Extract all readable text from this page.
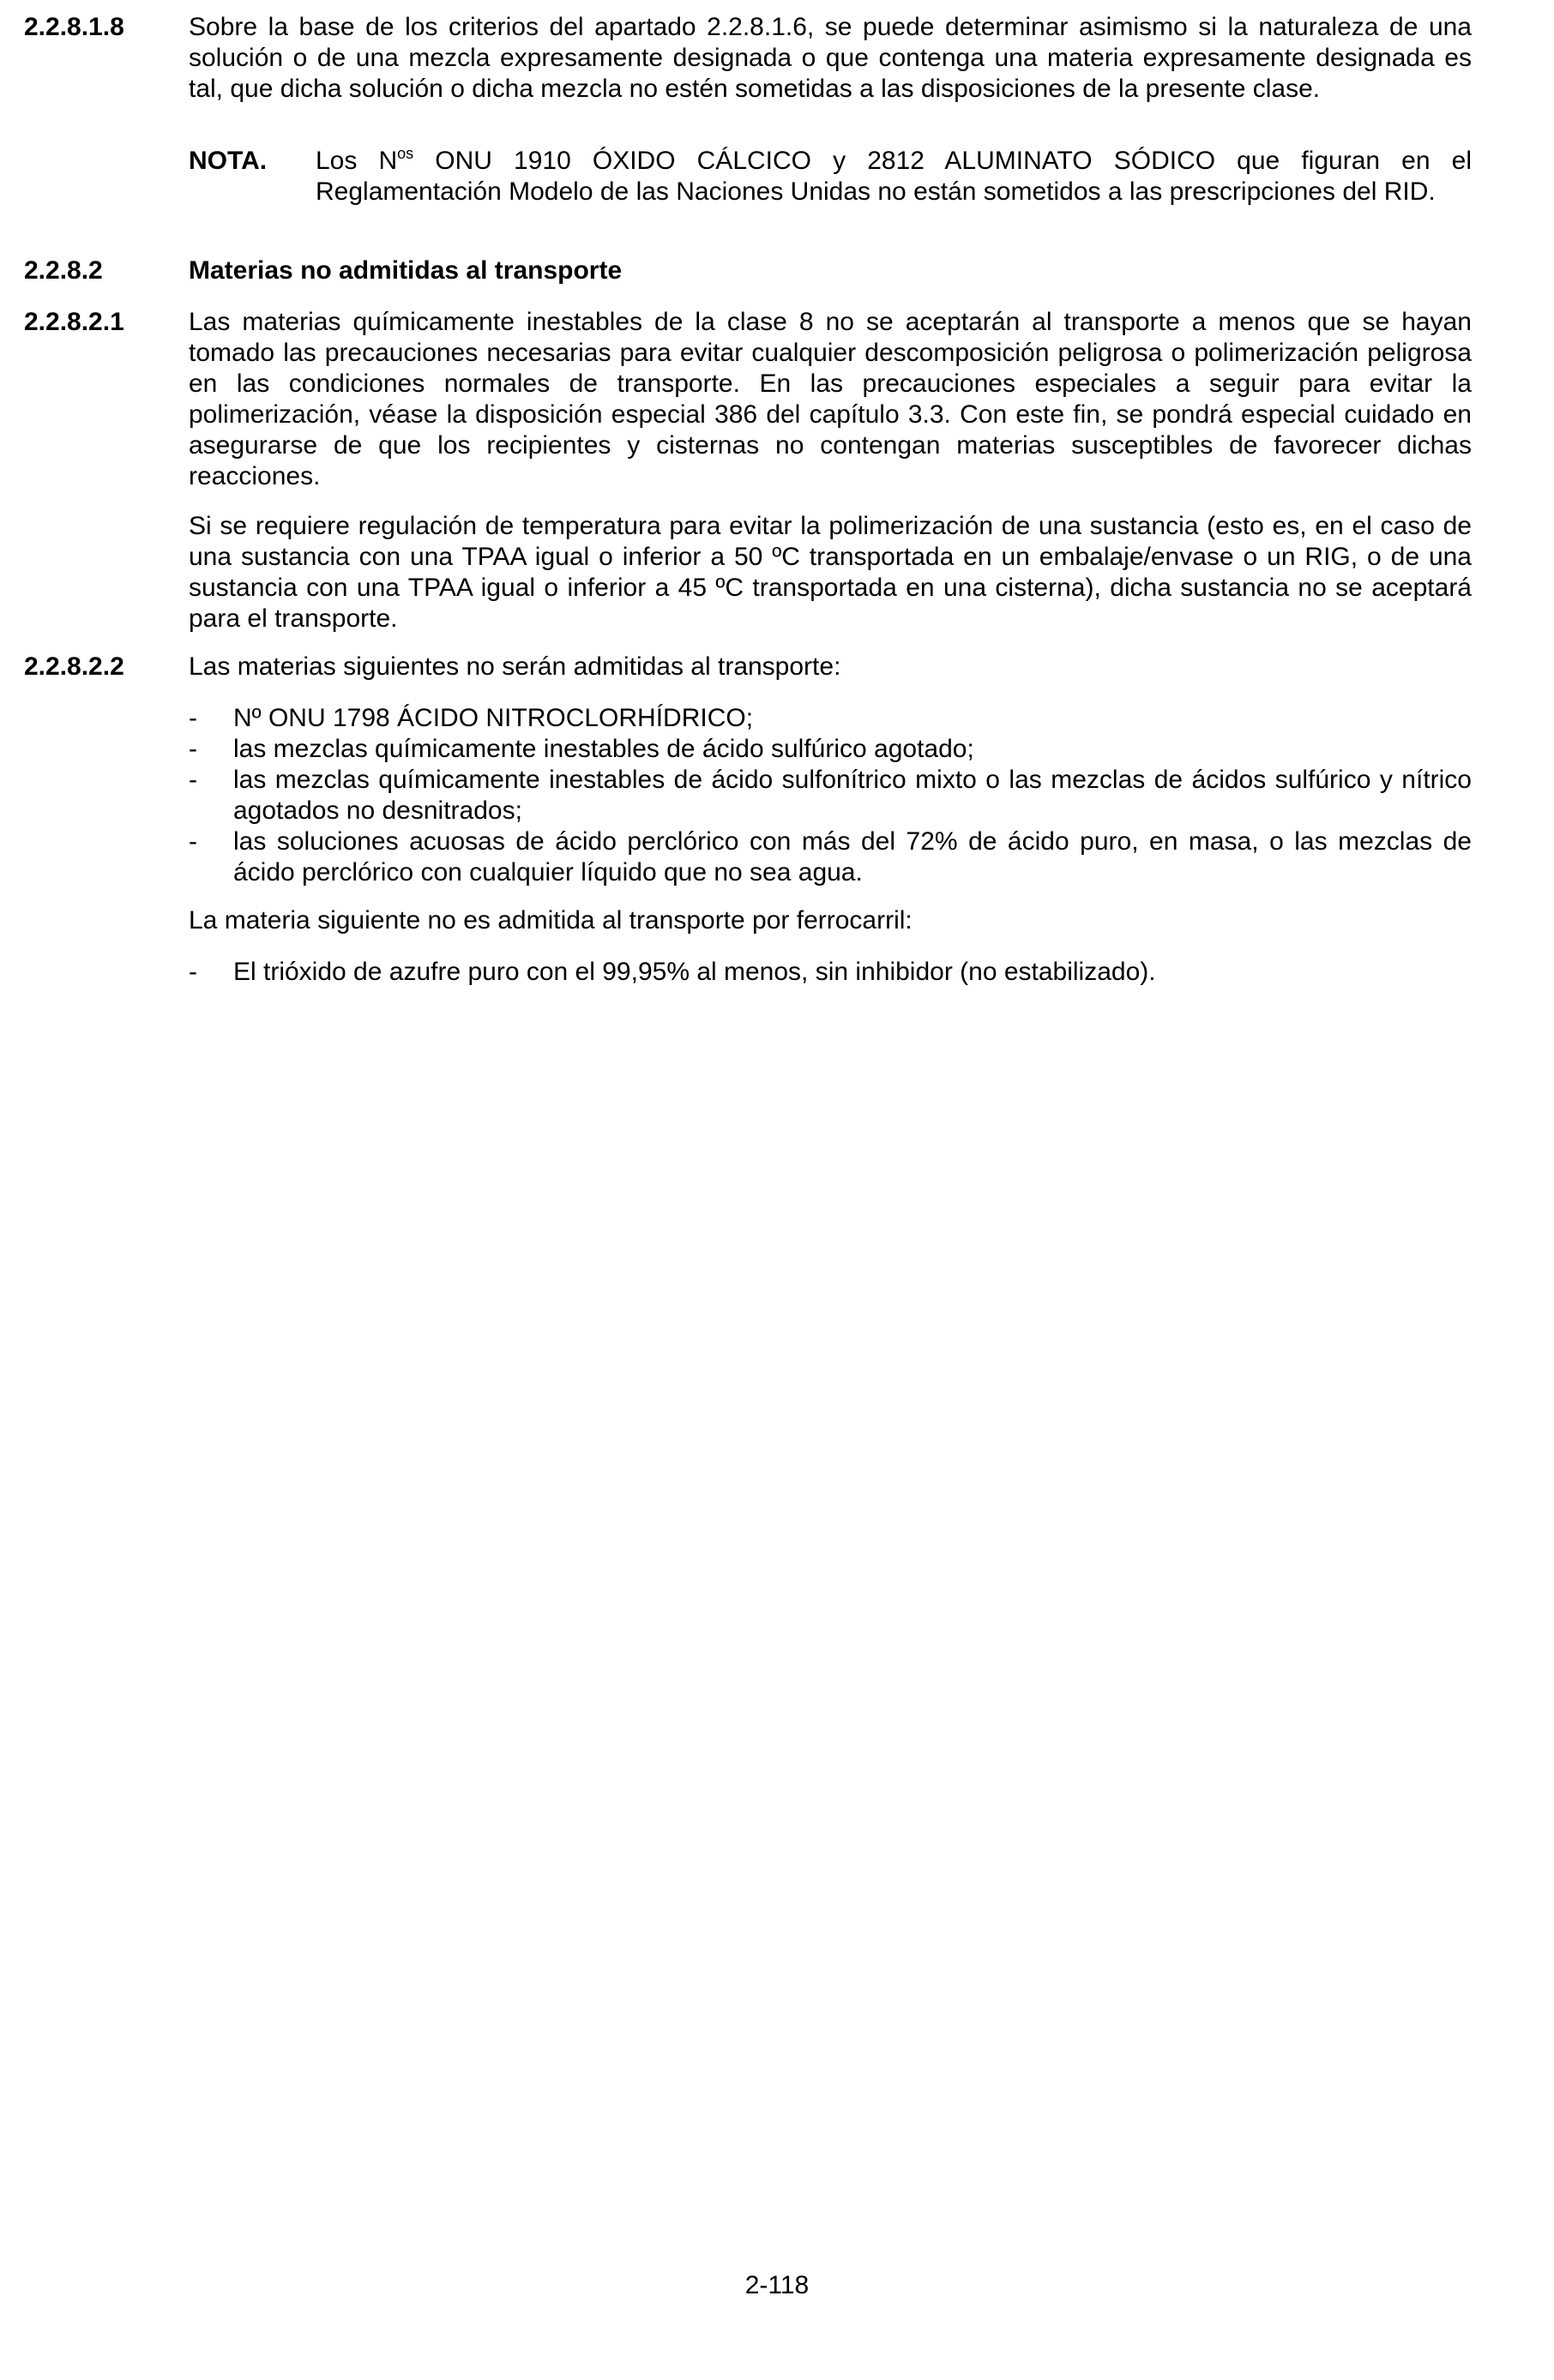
2.2.8.1.8	Sobre la base de los criterios del apartado 2.2.8.1.6, se puede determinar asimismo si la naturaleza de una solución o de una mezcla expresamente designada o que contenga una materia expresamente designada es tal, que dicha solución o dicha mezcla no estén sometidas a las disposiciones de la presente clase.
NOTA. Los $N^{os}$ ONU 1910 ÓXIDO CÁLCICO y 2812 ALUMINATO SÓDICO que figuran en el Reglamentación Modelo de las Naciones Unidas no están sometidos a las prescripciones del RID.
2.2.8.2	Materias no admitidas al transporte
2.2.8.2.1	Las materias químicamente inestables de la clase 8 no se aceptarán al transporte a menos que se hayan tomado las precauciones necesarias para evitar cualquier descomposición peligrosa o polimerización peligrosa en las condiciones normales de transporte. En las precauciones especiales a seguir para evitar la polimerización, véase la disposición especial 386 del capítulo 3.3. Con este fin, se pondrá especial cuidado en asegurarse de que los recipientes y cisternas no contengan materias susceptibles de favorecer dichas reacciones.
Si se requiere regulación de temperatura para evitar la polimerización de una sustancia (esto es, en el caso de una sustancia con una TPAA igual o inferior a 50 ºC transportada en un embalaje/envase o un RIG, o de una sustancia con una TPAA igual o inferior a 45 ºC transportada en una cisterna), dicha sustancia no se aceptará para el transporte.
2.2.8.2.2	Las materias siguientes no serán admitidas al transporte:
- Nº ONU 1798 ÁCIDO NITROCLORHÍDRICO;
- las mezclas químicamente inestables de ácido sulfúrico agotado;
- las mezclas químicamente inestables de ácido sulfonítrico mixto o las mezclas de ácidos sulfúrico y nítrico agotados no desnitrados;
- las soluciones acuosas de ácido perclórico con más del 72% de ácido puro, en masa, o las mezclas de ácido perclórico con cualquier líquido que no sea agua.
La materia siguiente no es admitida al transporte por ferrocarril:
- El trióxido de azufre puro con el 99,95% al menos, sin inhibidor (no estabilizado).
2-118
